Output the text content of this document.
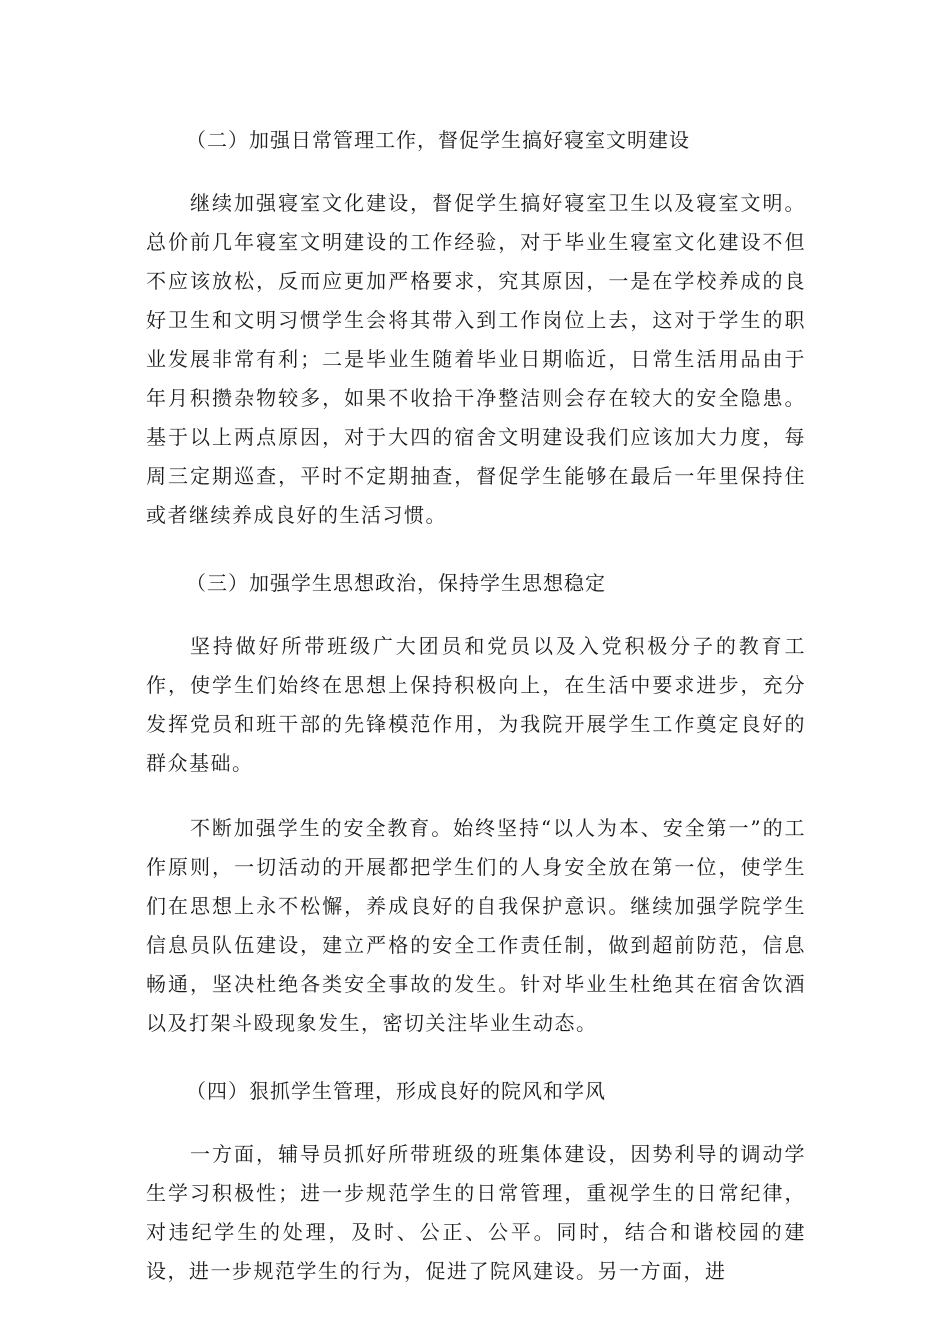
（二）加强日常管理工作，督促学生搞好寝室文明建设

继续加强寝室文化建设，督促学生搞好寝室卫生以及寝室文明。总价前几年寝室文明建设的工作经验，对于毕业生寝室文化建设不但不应该放松，反而应更加严格要求，究其原因，一是在学校养成的良好卫生和文明习惯学生会将其带入到工作岗位上去，这对于学生的职业发展非常有利；二是毕业生随着毕业日期临近，日常生活用品由于年月积攒杂物较多，如果不收拾干净整洁则会存在较大的安全隐患。基于以上两点原因，对于大四的宿舍文明建设我们应该加大力度，每周三定期巡查，平时不定期抽查，督促学生能够在最后一年里保持住或者继续养成良好的生活习惯。

（三）加强学生思想政治，保持学生思想稳定

坚持做好所带班级广大团员和党员以及入党积极分子的教育工作，使学生们始终在思想上保持积极向上，在生活中要求进步，充分发挥党员和班干部的先锋模范作用，为我院开展学生工作奠定良好的群众基础。

不断加强学生的安全教育。始终坚持“以人为本、安全第一”的工作原则，一切活动的开展都把学生们的人身安全放在第一位，使学生们在思想上永不松懈，养成良好的自我保护意识。继续加强学院学生信息员队伍建设，建立严格的安全工作责任制，做到超前防范，信息畅通，坚决杜绝各类安全事故的发生。针对毕业生杜绝其在宿舍饮酒以及打架斗殴现象发生，密切关注毕业生动态。

（四）狠抓学生管理，形成良好的院风和学风

一方面，辅导员抓好所带班级的班集体建设，因势利导的调动学生学习积极性；进一步规范学生的日常管理，重视学生的日常纪律，对违纪学生的处理，及时、公正、公平。同时，结合和谐校园的建设，进一步规范学生的行为，促进了院风建设。另一方面，进
